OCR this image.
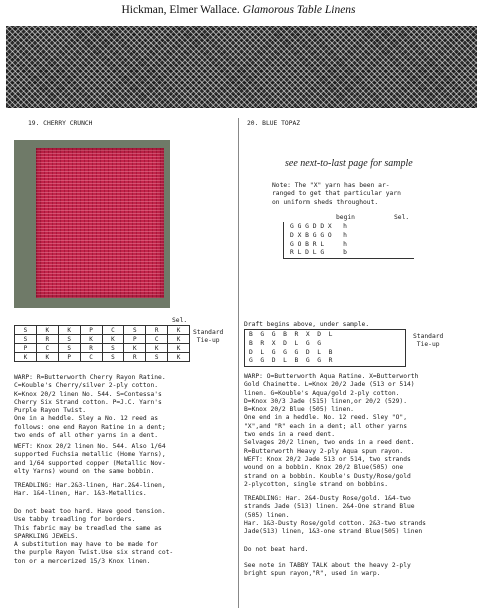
Hickman, Elmer Wallace. Glamorous Table Linens
19. CHERRY CRUNCH
Sel.
S	K	K	P	C	S	R	K
S	R	S	K	K	P	C	K
P	C	S	R	S	K	K	K
K	K	P	C	S	R	S	K
Standard
Tie-up
WARP: R=Butterworth Cherry Rayon Ratine.
C=Kouble's Cherry/silver 2-ply cotton.
K=Knox 20/2 linen No. 544. S=Contessa's
Cherry Six Strand cotton. P=J.C. Yarn's
Purple Rayon Twist.
One in a heddle. Sley a No. 12 reed as
follows: one end Rayon Ratine in a dent;
two ends of all other yarns in a dent.
WEFT: Knox 20/2 linen No. 544. Also 1/64
supported Fuchsia metallic (Home Yarns),
and 1/64 supported copper (Metallic Nov-
elty Yarns) wound on the same bobbin.
TREADLING: Har.2&3-linen, Har.2&4-linen,
Har. 1&4-linen, Har. 1&3-Metallics.
Do not beat too hard. Have good tension.
Use tabby treadling for borders.
This fabric may be treadled the same as
SPARKLING JEWELS.
A substitution may have to be made for
the purple Rayon Twist.Use six strand cot-
ton or a mercerized 15/3 Knox linen.
20. BLUE TOPAZ
see next-to-last page for sample
Note: The "X" yarn has been ar-
ranged to get that particular yarn
on uniform sheds throughout.
begin	Sel.
G G G D D X   h
D X B G G O   h
G O B R L     h
R L D L G     b
Draft begins above, under sample.
B  G  G  B  R  X  D  L
B  R  X  D  L  G  G
D  L  G  G  G  D  L  B
G  G  D  L  B  G  G  R
Standard
Tie-up
WARP: O=Butterworth Aqua Ratine. X=Butterworth
Gold Chainette. L=Knox 20/2 Jade (513 or 514)
linen. G=Kouble's Aqua/gold 2-ply cotton.
D=Knox 30/3 Jade (515) linen,or 20/2 (529).
B=Knox 20/2 Blue (505) linen.
One end in a heddle. No. 12 reed. Sley "O",
"X",and "R" each in a dent; all other yarns
two ends in a reed dent.
Selvages 20/2 linen, two ends in a reed dent.
R=Butterworth Heavy 2-ply Aqua spun rayon.
WEFT: Knox 20/2 Jade 513 or 514, two strands
wound on a bobbin. Knox 20/2 Blue(505) one
strand on a bobbin. Kouble's Dusty/Rose/gold
2-plycotton, single strand on bobbins.
TREADLING: Har. 2&4-Dusty Rose/gold. 1&4-two
strands Jade (513) linen. 2&4-One strand Blue
(505) linen.
Har. 1&3-Dusty Rose/gold cotton. 2&3-two strands
Jade(513) linen, 1&3-one strand Blue(505) linen
Do not beat hard.
See note in TABBY TALK about the heavy 2-ply
bright spun rayon,"R", used in warp.
